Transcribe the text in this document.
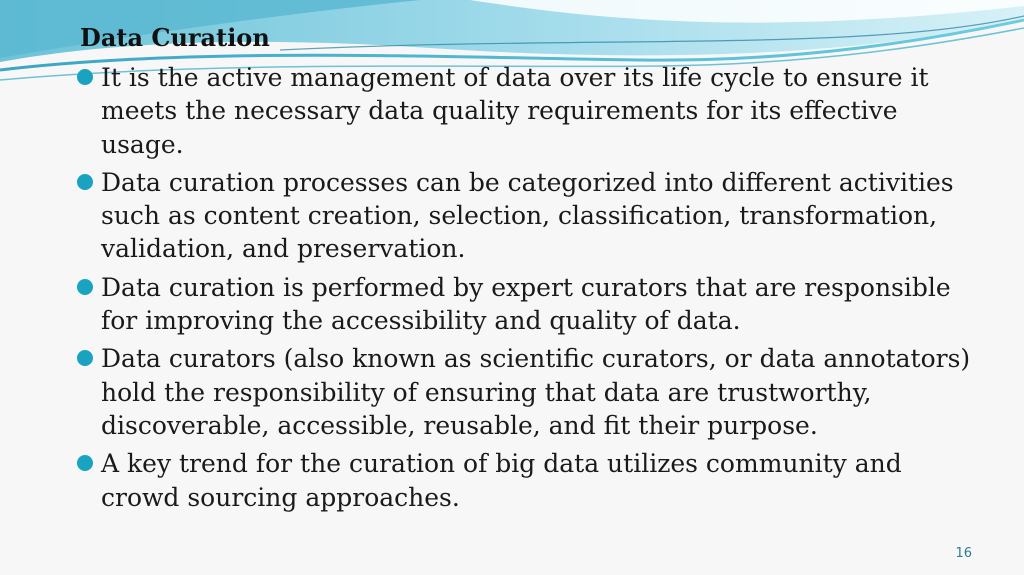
Data Curation
It is the active management of data over its life cycle to ensure it meets the necessary data quality requirements for its effective usage.
Data curation processes can be categorized into different activities such as content creation, selection, classification, transformation, validation, and preservation.
Data curation is performed by expert curators that are responsible for improving the accessibility and quality of data.
Data curators (also known as scientific curators, or data annotators) hold the responsibility of ensuring that data are trustworthy, discoverable, accessible, reusable, and fit their purpose.
A key trend for the curation of big data utilizes community and crowd sourcing approaches.
16
